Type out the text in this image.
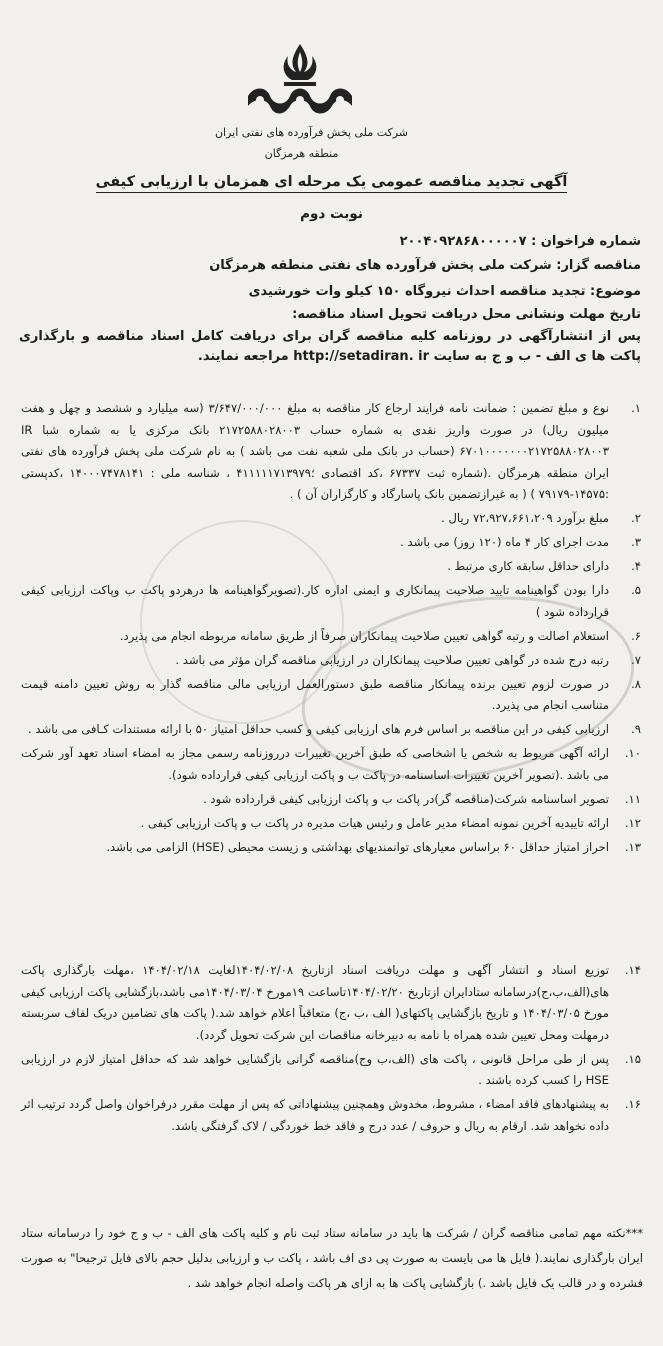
شرکت ملی پخش فرآورده های نفتی ایران
منطقه هرمزگان
آگهی تجدید مناقصه عمومی یک مرحله ای همزمان با ارزیابی کیفی
نوبت دوم
شماره فراخوان : ۲۰۰۴۰۹۲۸۶۸۰۰۰۰۰۷
مناقصه گزار: شرکت ملی پخش فرآورده های نفتی منطقه هرمزگان
موضوع: تجدید مناقصه احداث نیروگاه ۱۵۰ کیلو وات خورشیدی
تاریخ مهلت ونشانی محل دریافت تحویل اسناد مناقصه:
پس از انتشارآگهی در روزنامه کلیه مناقصه گران برای دریافت کامل اسناد مناقصه و بارگذاری پاکت ها ی الف - ب و ج به سایت http://setadiran. ir مراجعه نمایند.
۱.
نوع و مبلغ تضمین : ضمانت نامه فرایند ارجاع کار مناقصه به مبلغ ۳/۶۴۷/۰۰۰/۰۰۰ (سه میلیارد و ششصد و چهل و هفت میلیون ریال) در صورت واریز نقدی به شماره حساب ۲۱۷۲۵۸۸۰۲۸۰۰۳ بانک مرکزی یا به شماره شبا IR ۶۷۰۱۰۰۰۰۰۰۰۲۱۷۲۵۸۸۰۲۸۰۰۳ (حساب در بانک ملی شعبه نفت می باشد ) به نام شرکت ملی پخش فرآورده های نفتی ایران منطقه هرمزگان .(شماره ثبت ۶۷۳۳۷ ،کد اقتصادی ؛۴۱۱۱۱۱۷۱۳۹۷۹ ، شناسه ملی : ۱۴۰۰۰۷۴۷۸۱۴۱ ،کدپستی :۱۴۵۷۵-۷۹۱۷۹ ) ( به غیرازتضمین بانک پاسارگاد و کارگزاران آن ) .
۲.
مبلغ برآورد ۷۲،۹۲۷،۶۶۱،۲۰۹ ریال .
۳.
مدت اجرای کار ۴ ماه (۱۲۰ روز) می باشد .
۴.
دارای حداقل سابقه کاری مرتبط .
۵.
دارا بودن گواهینامه تایید صلاحیت پیمانکاری و ایمنی اداره کار.(تصویرگواهینامه ها درهردو پاکت ب وپاکت ارزیابی کیفی قرارداده شود )
۶.
استعلام اصالت و رتبه گواهی تعیین صلاحیت پیمانکاران صرفاً از طریق سامانه مربوطه انجام می پذیرد.
۷.
رتبه درج شده در گواهی تعیین صلاحیت پیمانکاران در ارزیابی مناقصه گران مؤثر می باشد .
۸.
در صورت لزوم تعیین برنده پیمانکار مناقصه طبق دستورالعمل ارزیابی مالی مناقصه گذار به روش تعیین دامنه قیمت متناسب انجام می پذیرد.
۹.
ارزیابی کیفی در این مناقصه بر اساس فرم های ارزیابی کیفی و کسب حداقل امتیاز ۵۰ با ارائه مستندات کـافی می باشد .
۱۰.
ارائه آگهی مربوط به شخص یا اشخاصی که طبق آخرین تغییرات درروزنامه رسمی مجاز به امضاء اسناد تعهد آور شرکت می باشد .(تصویر آخرین تغییرات اساسنامه در پاکت ب و پاکت ارزیابی کیفی قرارداده شود).
۱۱.
تصویر اساسنامه شرکت(مناقصه گر)در پاکت ب و پاکت ارزیابی کیفی قرارداده شود .
۱۲.
ارائه تاییدیه آخرین نمونه امضاء مدیر عامل و رئیس هیات مدیره در پاکت ب و پاکت ارزیابی کیفی .
۱۳.
احراز امتیاز حداقل ۶۰ براساس معیارهای توانمندیهای بهداشتی و زیست محیطی (HSE) الزامی می باشد.
۱۴.
توزیع اسناد و انتشار آگهی و مهلت دریافت اسناد ازتاریخ ۱۴۰۴/۰۲/۰۸لغایت ۱۴۰۴/۰۲/۱۸ ،مهلت بارگذاری پاکت های(الف،ب،ج)درسامانه ستادایران ازتاریخ ۱۴۰۴/۰۲/۲۰تاساعت ۱۹مورخ ۱۴۰۴/۰۳/۰۴می باشد،بازگشایی پاکت ارزیابی کیفی مورخ ۱۴۰۴/۰۳/۰۵ و تاریخ بازگشایی پاکتهای( الف ،ب ،ج) متعاقباً اعلام خواهد شد.( پاکت های تضامین دریک لفاف سربسته درمهلت ومحل تعیین شده همراه با نامه به دبیرخانه مناقصات این شرکت تحویل گردد).
۱۵.
پس از طی مراحل قانونی ، پاکت های (الف،ب وج)مناقصه گرانی بازگشایی خواهد شد که حداقل امتیاز لازم در ارزیابی HSE را کسب کرده باشند .
۱۶.
به پیشنهادهای فاقد امضاء ، مشروط، مخدوش وهمچنین پیشنهاداتی که پس از مهلت مقرر درفراخوان واصل گردد ترتیب اثر داده نخواهد شد. ارقام به ریال و حروف / عدد درج و فاقد خط خوردگی / لاک گرفتگی باشد.
***نکته مهم تمامی مناقصه گران / شرکت ها باید در سامانه ستاد ثبت نام و کلیه پاکت های الف - ب و ج خود را درسامانه ستاد ایران بارگذاری نمایند.( فایل ها می بایست به صورت پی دی اف باشد ، پاکت ب و ارزیابی بدلیل حجم بالای فایل ترجیحا" به صورت فشرده و در قالب یک فایل باشد .) بازگشایی پاکت ها به ازای هر پاکت واصله انجام خواهد شد .
